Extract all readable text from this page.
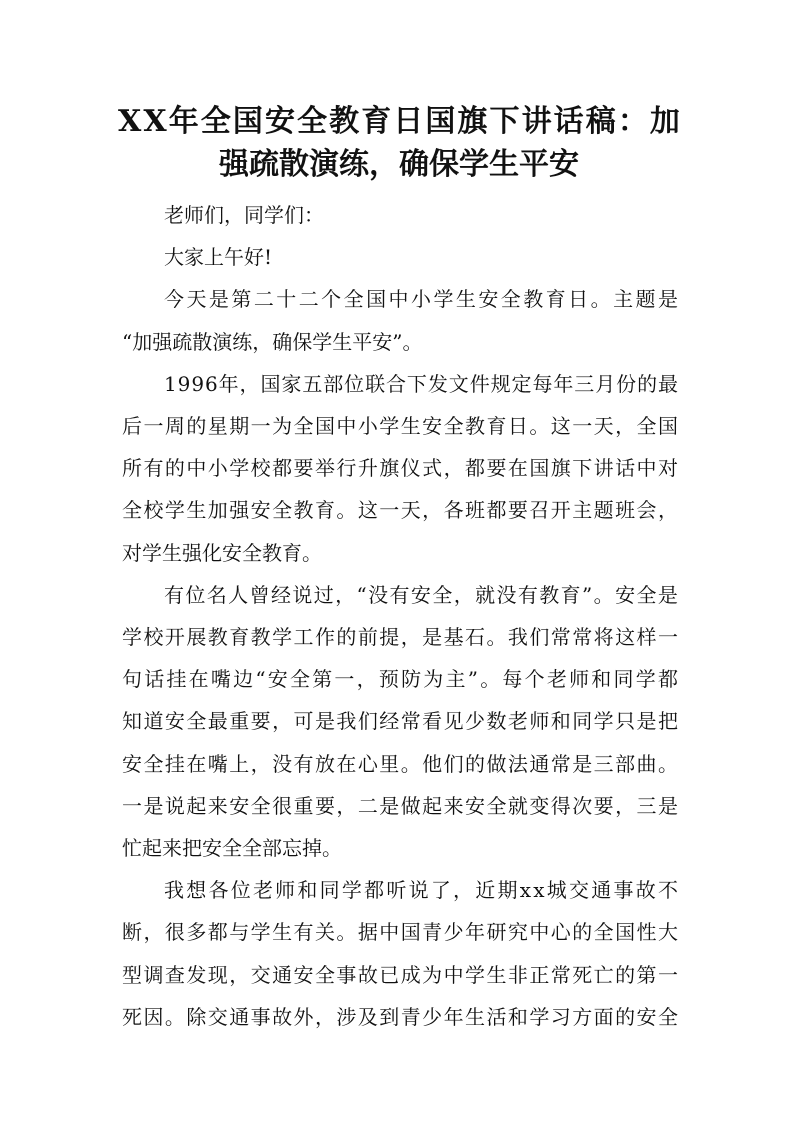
X X 年 全 国 安 全 教 育 日 国 旗 下 讲 话 稿 ： 加
强疏散演练，确保学生平安
老师们，同学们：
大家上午好!
今 天 是 第 二 十 二 个 全 国 中 小 学 生 安 全 教 育 日 。 主 题 是
“加强疏散演练，确保学生平安”。
1 9 9 6 年 ， 国 家 五 部 位 联 合 下 发 文 件 规 定 每 年 三 月 份 的 最
后 一 周 的 星 期 一 为 全 国 中 小 学 生 安 全 教 育 日 。 这 一 天 ， 全 国
所 有 的 中 小 学 校 都 要 举 行 升 旗 仪 式 ， 都 要 在 国 旗 下 讲 话 中 对
全 校 学 生 加 强 安 全 教 育 。 这 一 天 ， 各 班 都 要 召 开 主 题 班 会 ，
对学生强化安全教育。
有 位 名 人 曾 经 说 过 ， “ 没 有 安 全 ， 就 没 有 教 育 ” 。 安 全 是
学 校 开 展 教 育 教 学 工 作 的 前 提 ， 是 基 石 。 我 们 常 常 将 这 样 一
句 话 挂 在 嘴 边 “ 安 全 第 一 ， 预 防 为 主 ” 。 每 个 老 师 和 同 学 都
知 道 安 全 最 重 要 ， 可 是 我 们 经 常 看 见 少 数 老 师 和 同 学 只 是 把
安 全 挂 在 嘴 上 ， 没 有 放 在 心 里 。 他 们 的 做 法 通 常 是 三 部 曲 。
一 是 说 起 来 安 全 很 重 要 ， 二 是 做 起 来 安 全 就 变 得 次 要 ， 三 是
忙起来把安全全部忘掉。
我 想 各 位 老 师 和 同 学 都 听 说 了 ， 近 期 x x 城 交 通 事 故 不
断 ， 很 多 都 与 学 生 有 关 。 据 中 国 青 少 年 研 究 中 心 的 全 国 性 大
型 调 查 发 现 ， 交 通 安 全 事 故 已 成 为 中 学 生 非 正 常 死 亡 的 第 一
死 因 。 除 交 通 事 故 外 ， 涉 及 到 青 少 年 生 活 和 学 习 方 面 的 安 全
